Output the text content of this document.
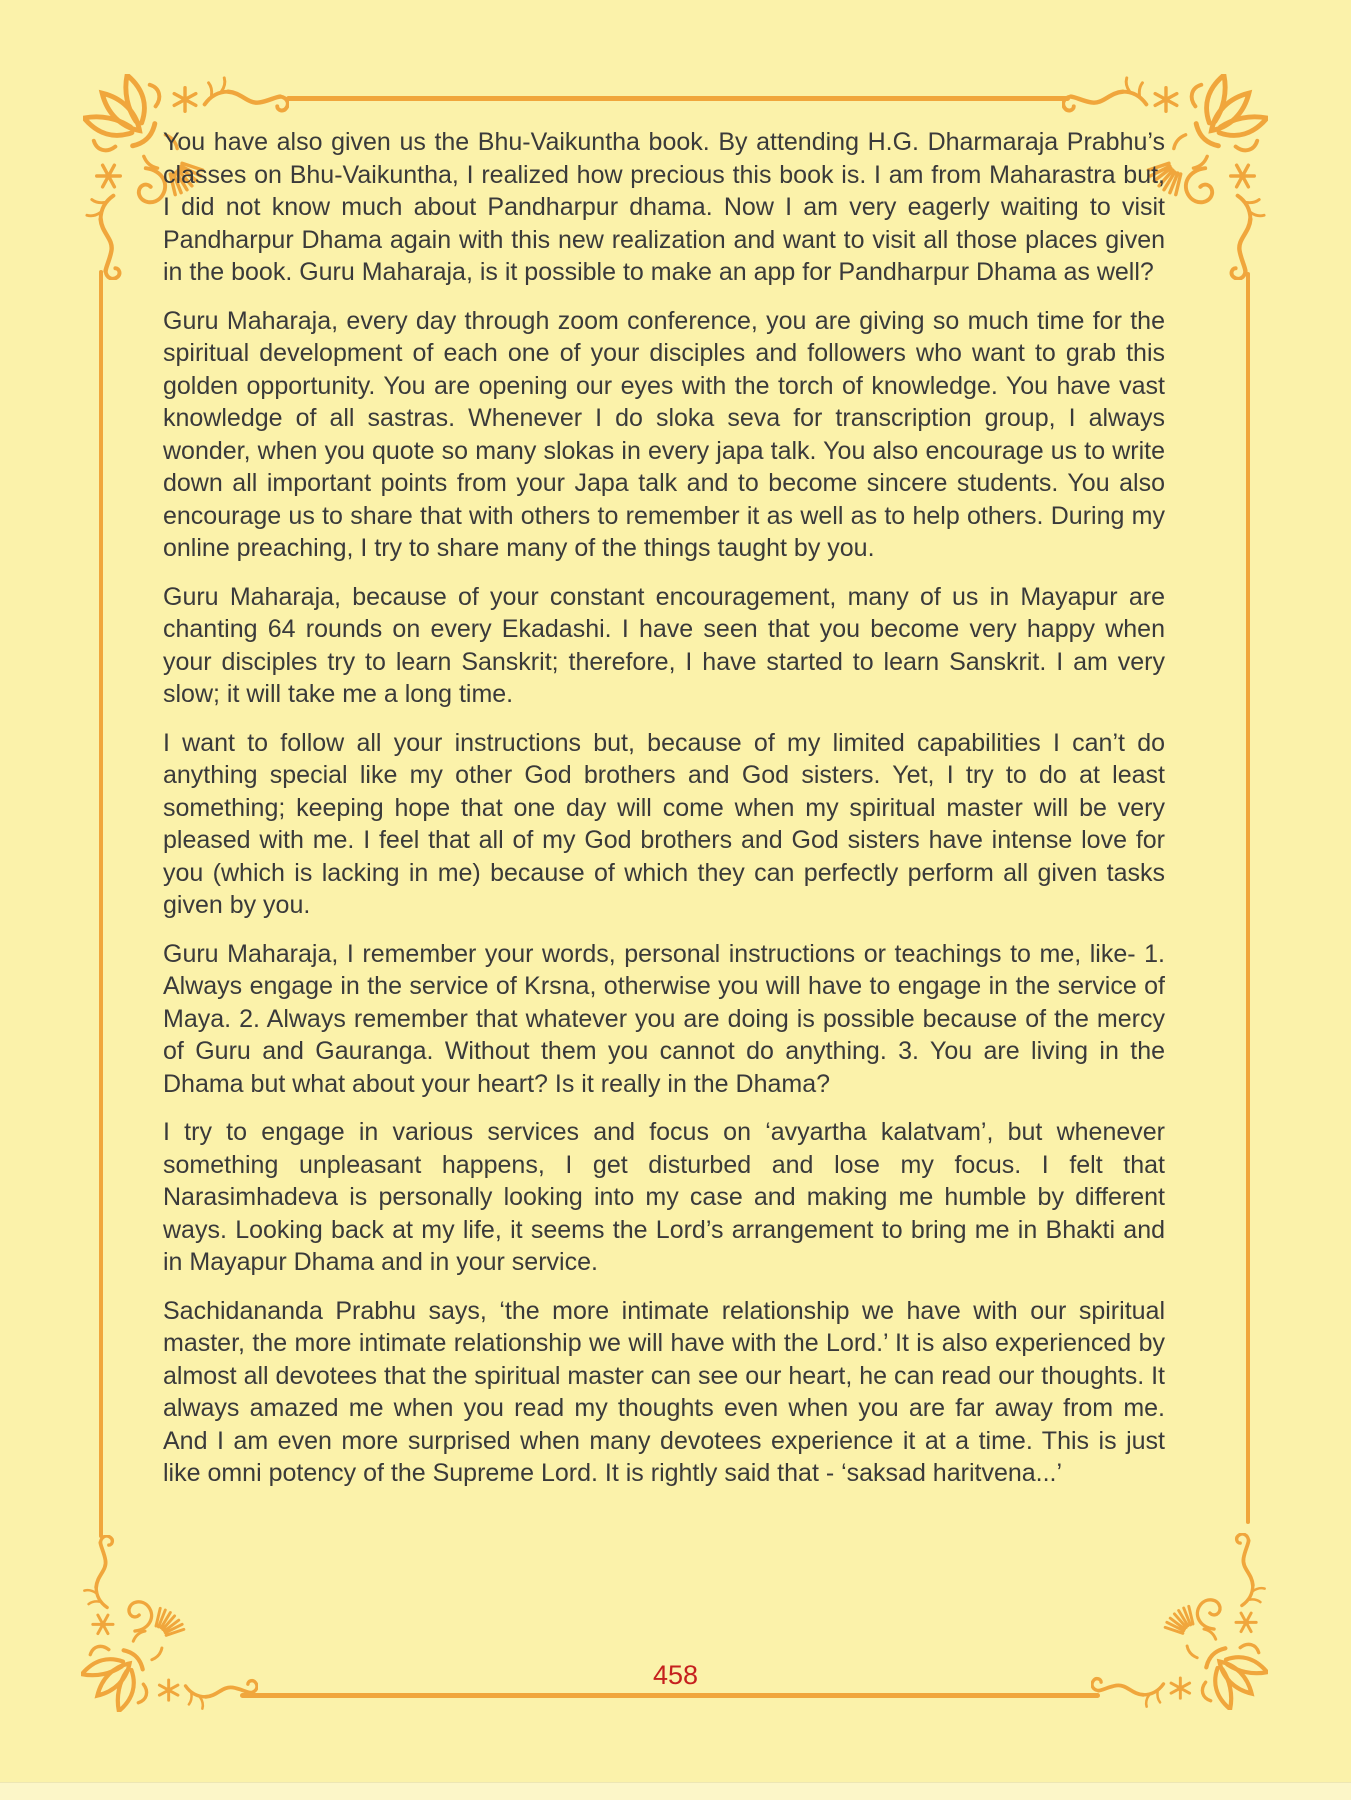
You have also given us the Bhu-Vaikuntha book. By attending H.G. Dharmaraja Prabhu’s classes on Bhu-Vaikuntha, I realized how precious this book is. I am from Maharastra but, I did not know much about Pandharpur dhama. Now I am very eagerly waiting to visit Pandharpur Dhama again with this new realization and want to visit all those places given in the book. Guru Maharaja, is it possible to make an app for Pandharpur Dhama as well?

Guru Maharaja, every day through zoom conference, you are giving so much time for the spiritual development of each one of your disciples and followers who want to grab this golden opportunity. You are opening our eyes with the torch of knowledge. You have vast knowledge of all sastras. Whenever I do sloka seva for transcription group, I always wonder, when you quote so many slokas in every japa talk. You also encourage us to write down all important points from your Japa talk and to become sincere students. You also encourage us to share that with others to remember it as well as to help others. During my online preaching, I try to share many of the things taught by you.

Guru Maharaja, because of your constant encouragement, many of us in Mayapur are chanting 64 rounds on every Ekadashi. I have seen that you become very happy when your disciples try to learn Sanskrit; therefore, I have started to learn Sanskrit. I am very slow; it will take me a long time.

I want to follow all your instructions but, because of my limited capabilities I can’t do anything special like my other God brothers and God sisters. Yet, I try to do at least something; keeping hope that one day will come when my spiritual master will be very pleased with me. I feel that all of my God brothers and God sisters have intense love for you (which is lacking in me) because of which they can perfectly perform all given tasks given by you.

Guru Maharaja, I remember your words, personal instructions or teachings to me, like- 1. Always engage in the service of Krsna, otherwise you will have to engage in the service of Maya. 2. Always remember that whatever you are doing is possible because of the mercy of Guru and Gauranga. Without them you cannot do anything. 3. You are living in the Dhama but what about your heart? Is it really in the Dhama?

I try to engage in various services and focus on ‘avyartha kalatvam’, but whenever something unpleasant happens, I get disturbed and lose my focus. I felt that Narasimhadeva is personally looking into my case and making me humble by different ways. Looking back at my life, it seems the Lord’s arrangement to bring me in Bhakti and in Mayapur Dhama and in your service.

Sachidananda Prabhu says, ‘the more intimate relationship we have with our spiritual master, the more intimate relationship we will have with the Lord.’ It is also experienced by almost all devotees that the spiritual master can see our heart, he can read our thoughts. It always amazed me when you read my thoughts even when you are far away from me. And I am even more surprised when many devotees experience it at a time. This is just like omni potency of the Supreme Lord. It is rightly said that - ‘saksad haritvena...’

458
